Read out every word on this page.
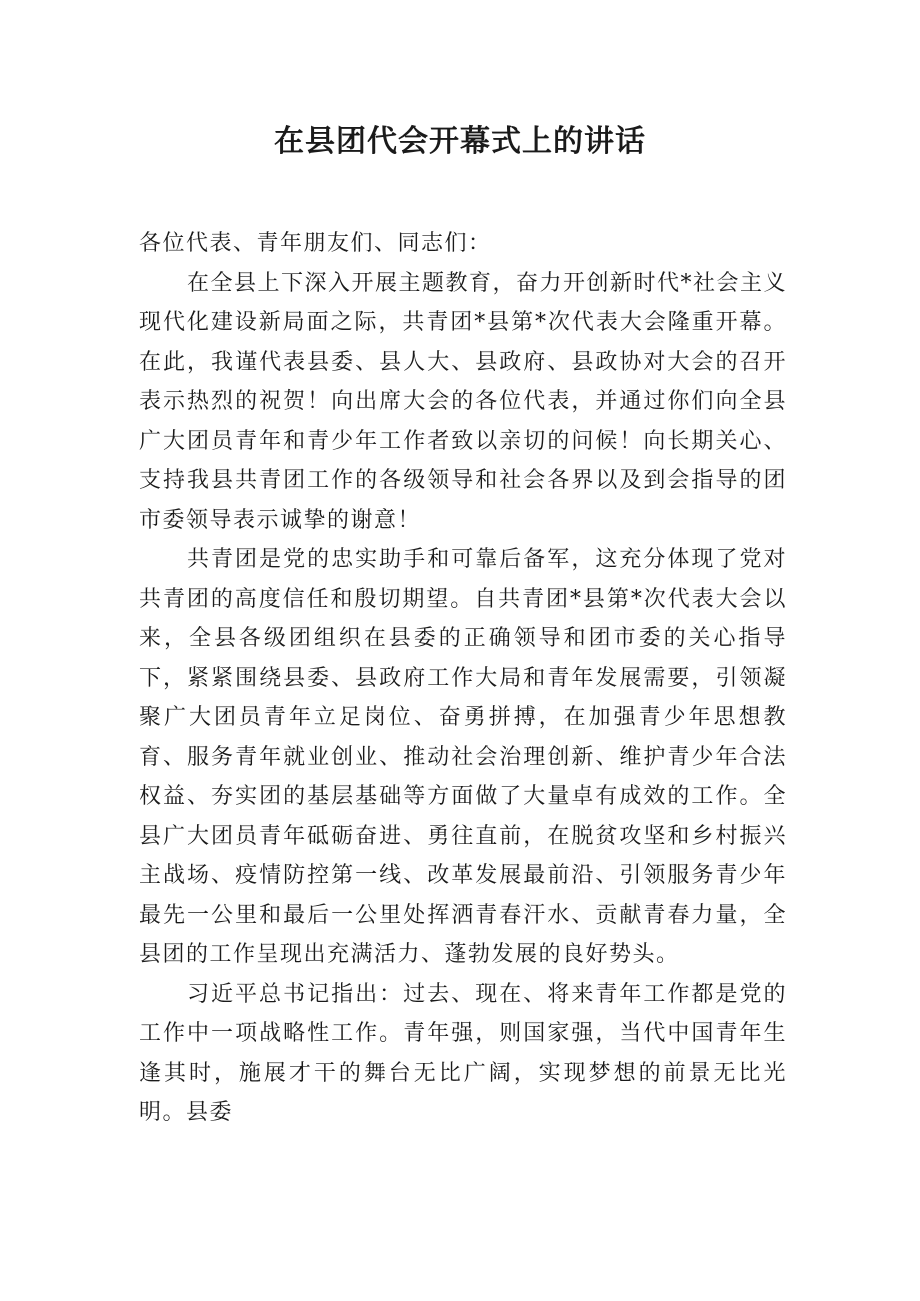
在县团代会开幕式上的讲话

各位代表、青年朋友们、同志们：

在全县上下深入开展主题教育，奋力开创新时代*社会主义现代化建设新局面之际，共青团*县第*次代表大会隆重开幕。在此，我谨代表县委、县人大、县政府、县政协对大会的召开表示热烈的祝贺！向出席大会的各位代表，并通过你们向全县广大团员青年和青少年工作者致以亲切的问候！向长期关心、支持我县共青团工作的各级领导和社会各界以及到会指导的团市委领导表示诚挚的谢意！

共青团是党的忠实助手和可靠后备军，这充分体现了党对共青团的高度信任和殷切期望。自共青团*县第*次代表大会以来，全县各级团组织在县委的正确领导和团市委的关心指导下，紧紧围绕县委、县政府工作大局和青年发展需要，引领凝聚广大团员青年立足岗位、奋勇拼搏，在加强青少年思想教育、服务青年就业创业、推动社会治理创新、维护青少年合法权益、夯实团的基层基础等方面做了大量卓有成效的工作。全县广大团员青年砥砺奋进、勇往直前，在脱贫攻坚和乡村振兴主战场、疫情防控第一线、改革发展最前沿、引领服务青少年最先一公里和最后一公里处挥洒青春汗水、贡献青春力量，全县团的工作呈现出充满活力、蓬勃发展的良好势头。

习近平总书记指出：过去、现在、将来青年工作都是党的工作中一项战略性工作。青年强，则国家强，当代中国青年生逢其时，施展才干的舞台无比广阔，实现梦想的前景无比光明。县委
